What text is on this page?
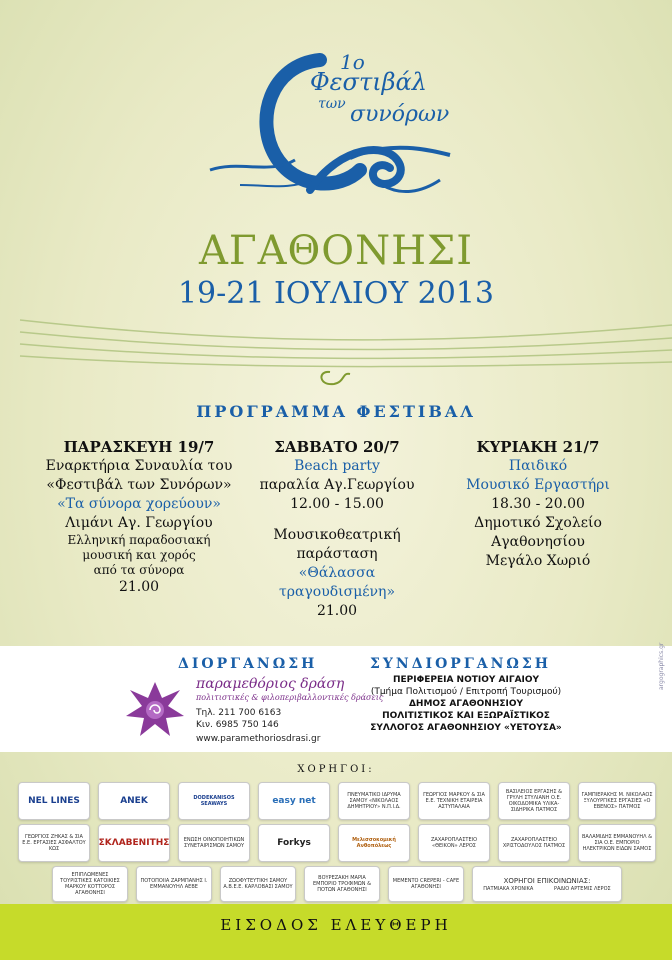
1ο
Φεστιβάλ
των συνόρων
ΑΓΑΘΟΝΗΣΙ
19-21 ΙΟΥΛΙΟΥ 2013
ΠΡΟΓΡΑΜΜΑ ΦΕΣΤΙΒΑΛ
ΠΑΡΑΣΚΕΥΗ 19/7
Εναρκτήρια Συναυλία του
«Φεστιβάλ των Συνόρων»
«Τα σύνορα χορεύουν»
Λιμάνι Αγ. Γεωργίου
Ελληνική παραδοσιακή
μουσική και χορός
από τα σύνορα
21.00
ΣΑΒΒΑΤΟ 20/7
Beach party
παραλία Αγ.Γεωργίου
12.00 - 15.00
Μουσικοθεατρική
παράσταση
«Θάλασσα τραγουδισμένη»
21.00
ΚΥΡΙΑΚΗ 21/7
Παιδικό
Μουσικό Εργαστήρι
18.30 - 20.00
Δημοτικό Σχολείο
Αγαθονησίου
Μεγάλο Χωριό
ΔΙΟΡΓΑΝΩΣΗ	ΣΥΝΔΙΟΡΓΑΝΩΣΗ
παραμεθόριος δράση
πολιτιστικές & φιλοπεριβαλλοντικές δράσεις
Τηλ. 211 700 6163
Κιν. 6985 750 146
www.paramethoriosdrasi.gr
ΠΕΡΙΦΕΡΕΙΑ ΝΟΤΙΟΥ ΑΙΓΑΙΟΥ
(Τμήμα Πολιτισμού / Επιτροπή Τουρισμού)
ΔΗΜΟΣ ΑΓΑΘΟΝΗΣΙΟΥ
ΠΟΛΙΤΙΣΤΙΚΟΣ ΚΑΙ ΕΞΩΡΑΪΣΤΙΚΟΣ
ΣΥΛΛΟΓΟΣ ΑΓΑΘΟΝΗΣΙΟΥ «ΥΕΤΟΥΣΑ»
argographics.gr
ΧΟΡΗΓΟΙ:
NEL LINES	ANEK	DODEKANISOS SEAWAYS	easy net
ΠΝΕΥΜΑΤΙΚΟ ΙΔΡΥΜΑ ΣΑΜΟΥ «ΝΙΚΟΛΑΟΣ ΔΗΜΗΤΡΙΟΥ» Ν.Π.Ι.Δ.
ΓΕΩΡΓΙΟΣ ΜΑΡΚΟΥ & ΣΙΑ Ε.Ε. ΤΕΧΝΙΚΗ ΕΤΑΙΡΕΙΑ ΑΣΤΥΠΑΛΑΙΑ
ΒΑΣΙΛΕΙΟΣ ΕΡΓΑΣΗΣ & ΓΡΥΛΗ ΣΤΥΛΙΑΝΗ Ο.Ε. ΟΙΚΟΔΟΜΙΚΑ ΥΛΙΚΑ-ΣΙΔΗΡΙΚΑ ΠΑΤΜΟΣ
ΓΑΜΠΙΕΡΑΚΗΣ Μ. ΝΙΚΟΛΑΟΣ ΞΥΛΟΥΡΓΙΚΕΣ ΕΡΓΑΣΙΕΣ «Ο ΕΒΕΝΟΣ» ΠΑΤΜΟΣ
ΓΕΩΡΓΙΟΣ ΖΗΚΑΣ & ΣΙΑ Ε.Ε. ΕΡΓΑΣΙΕΣ ΑΣΦΑΛΤΟΥ ΚΩΣ
ΣΚΛΑΒΕΝΙΤΗΣ	ΕΝΩΣΗ ΟΙΝΟΠΟΙΗΤΙΚΩΝ ΣΥΝΕΤΑΙΡΙΣΜΩΝ ΣΑΜΟΥ	Forkys	Μελισσοκομική Ανθοπόλεως
ΖΑΧΑΡΟΠΛΑΣΤΕΙΟ «ΘΕΙΚΟΝ» ΛΕΡΟΣ
ΖΑΧΑΡΟΠΛΑΣΤΕΙΟ ΧΡΙΣΤΟΔΟΥΛΟΣ ΠΑΤΜΟΣ
ΒΑΛΑΜΙΔΗΣ ΕΜΜΑΝΟΥΗΛ & ΣΙΑ Ο.Ε. ΕΜΠΟΡΙΟ ΗΛΕΚΤΡΙΚΩΝ ΕΙΔΩΝ ΣΑΜΟΣ
ΕΠΙΠΛΩΜΕΝΕΣ ΤΟΥΡΙΣΤΙΚΕΣ ΚΑΤΟΙΚΙΕΣ ΜΑΡΚΟΥ ΚΟΤΤΟΡΟΣ ΑΓΑΘΟΝΗΣΙ
ΠΟΤΟΠΟΙΙΑ ΖΑΡΜΠΑΝΗΣ Ι. ΕΜΜΑΝΟΥΗΛ ΑΕΒΕ
ΖΩΟΦΥΤΕΥΤΙΚΗ ΣΑΜΟΥ Α.Β.Ε.Ε. ΚΑΡΛΟΒΑΣΙ ΣΑΜΟΥ
ΒΟΥΡΕΖΑΚΗ ΜΑΡΙΑ ΕΜΠΟΡΙΟ ΤΡΟΦΙΜΩΝ & ΠΟΤΩΝ ΑΓΑΘΟΝΗΣΙ
ΜΕΜΕΝΤΟ CREPERI - CAFE ΑΓΑΘΟΝΗΣΙ
ΧΟΡΗΓΟΙ ΕΠΙΚΟΙΝΩΝΙΑΣ:
ΠΑΤΜΙΑΚΑ ΧΡΟΝΙΚΑ	ΡΑΔΙΟ ΑΡΤΕΜΙΣ ΛΕΡΟΣ
ΕΙΣΟΔΟΣ ΕΛΕΥΘΕΡΗ
